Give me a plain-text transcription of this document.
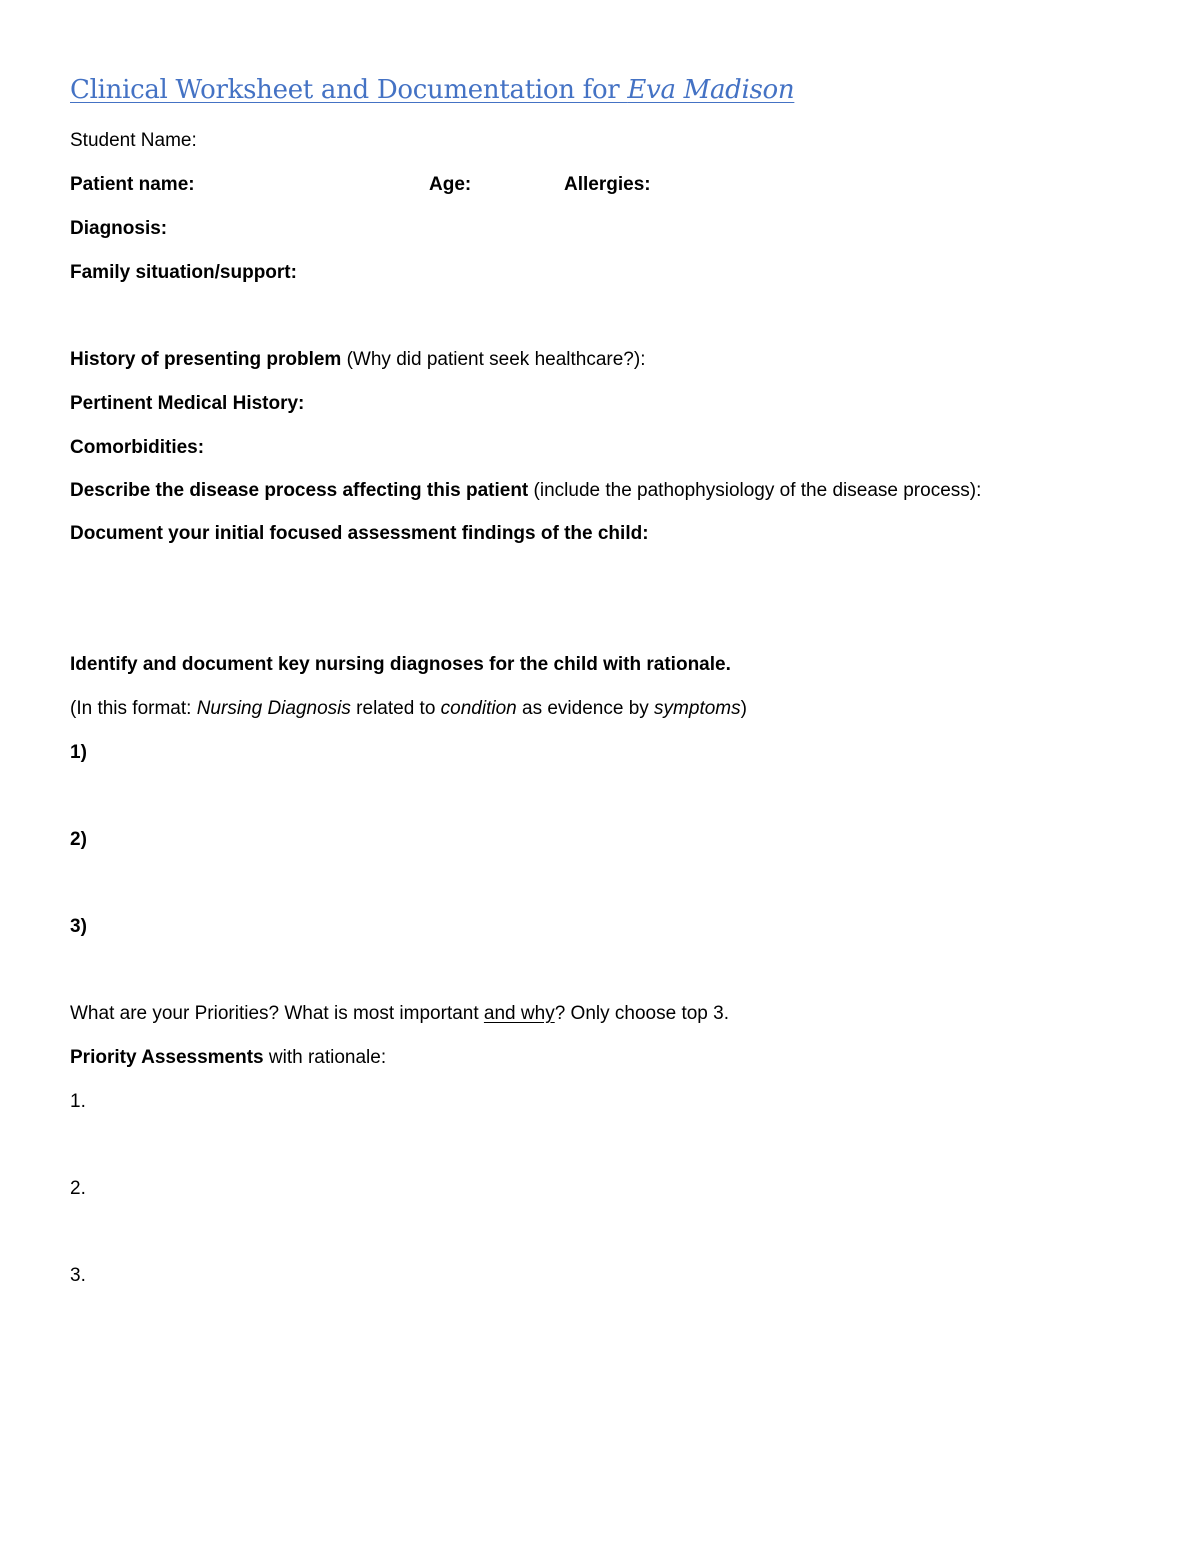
Clinical Worksheet and Documentation for Eva Madison
Student Name:
Patient name:	Age:	Allergies:
Diagnosis:
Family situation/support:
History of presenting problem (Why did patient seek healthcare?):
Pertinent Medical History:
Comorbidities:
Describe the disease process affecting this patient (include the pathophysiology of the disease process):
Document your initial focused assessment findings of the child:
Identify and document key nursing diagnoses for the child with rationale.
(In this format: Nursing Diagnosis related to condition as evidence by symptoms)
1)
2)
3)
What are your Priorities? What is most important and why? Only choose top 3.
Priority Assessments with rationale:
1.
2.
3.
